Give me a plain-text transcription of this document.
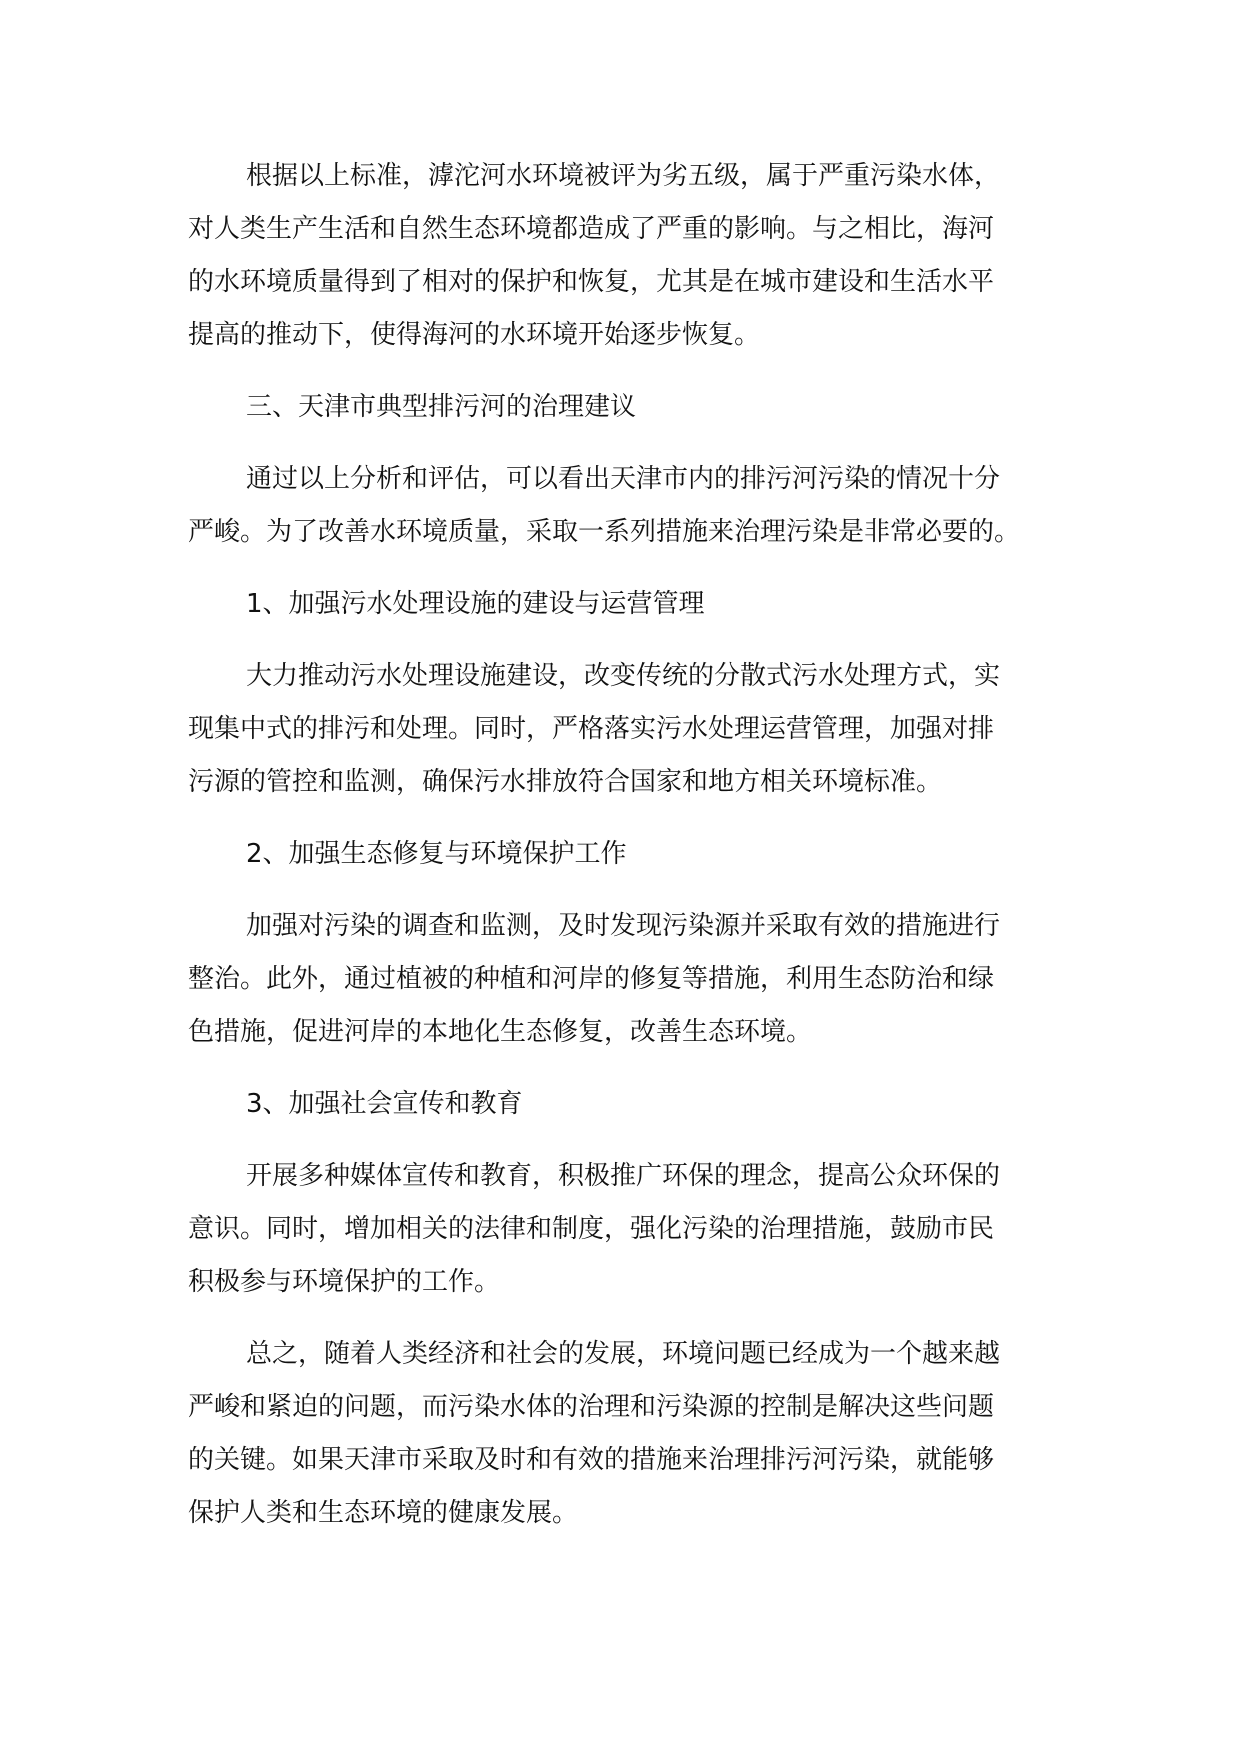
根据以上标准，滹沱河水环境被评为劣五级，属于严重污染水体，
对人类生产生活和自然生态环境都造成了严重的影响。与之相比，海河
的水环境质量得到了相对的保护和恢复，尤其是在城市建设和生活水平
提高的推动下，使得海河的水环境开始逐步恢复。

三、天津市典型排污河的治理建议

通过以上分析和评估，可以看出天津市内的排污河污染的情况十分
严峻。为了改善水环境质量，采取一系列措施来治理污染是非常必要的。

1、加强污水处理设施的建设与运营管理

大力推动污水处理设施建设，改变传统的分散式污水处理方式，实
现集中式的排污和处理。同时，严格落实污水处理运营管理，加强对排
污源的管控和监测，确保污水排放符合国家和地方相关环境标准。

2、加强生态修复与环境保护工作

加强对污染的调查和监测，及时发现污染源并采取有效的措施进行
整治。此外，通过植被的种植和河岸的修复等措施，利用生态防治和绿
色措施，促进河岸的本地化生态修复，改善生态环境。

3、加强社会宣传和教育

开展多种媒体宣传和教育，积极推广环保的理念，提高公众环保的
意识。同时，增加相关的法律和制度，强化污染的治理措施，鼓励市民
积极参与环境保护的工作。

总之，随着人类经济和社会的发展，环境问题已经成为一个越来越
严峻和紧迫的问题，而污染水体的治理和污染源的控制是解决这些问题
的关键。如果天津市采取及时和有效的措施来治理排污河污染，就能够
保护人类和生态环境的健康发展。
